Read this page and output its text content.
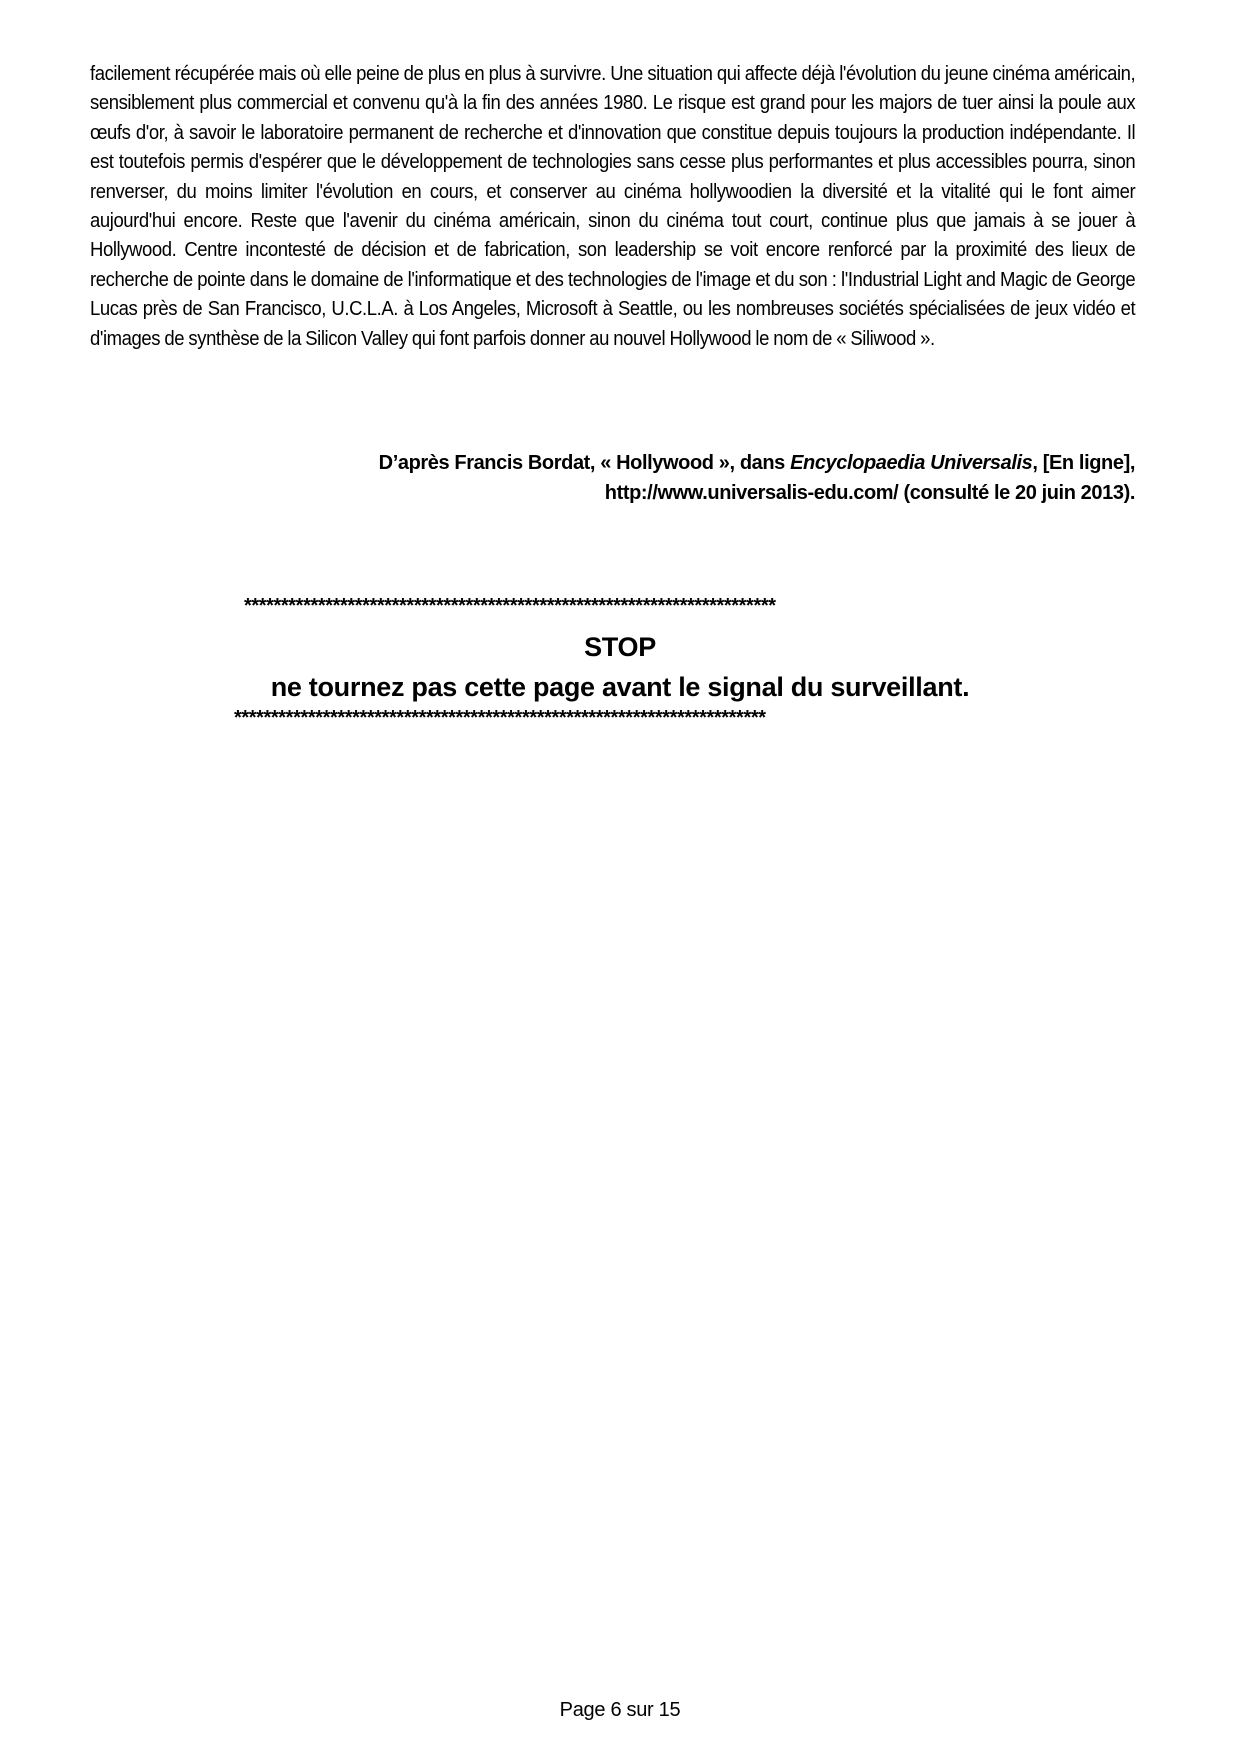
facilement récupérée mais où elle peine de plus en plus à survivre. Une situation qui affecte déjà l'évolution du jeune cinéma américain, sensiblement plus commercial et convenu qu'à la fin des années 1980. Le risque est grand pour les majors de tuer ainsi la poule aux œufs d'or, à savoir le laboratoire permanent de recherche et d'innovation que constitue depuis toujours la production indépendante. Il est toutefois permis d'espérer que le développement de technologies sans cesse plus performantes et plus accessibles pourra, sinon renverser, du moins limiter l'évolution en cours, et conserver au cinéma hollywoodien la diversité et la vitalité qui le font aimer aujourd'hui encore. Reste que l'avenir du cinéma américain, sinon du cinéma tout court, continue plus que jamais à se jouer à Hollywood. Centre incontesté de décision et de fabrication, son leadership se voit encore renforcé par la proximité des lieux de recherche de pointe dans le domaine de l'informatique et des technologies de l'image et du son : l'Industrial Light and Magic de George Lucas près de San Francisco, U.C.L.A. à Los Angeles, Microsoft à Seattle, ou les nombreuses sociétés spécialisées de jeux vidéo et d'images de synthèse de la Silicon Valley qui font parfois donner au nouvel Hollywood le nom de « Siliwood ».

D’après Francis Bordat, « Hollywood », dans Encyclopaedia Universalis, [En ligne],
http://www.universalis-edu.com/ (consulté le 20 juin 2013).
************************************************************************
STOP
ne tournez pas cette page avant le signal du surveillant.
************************************************************************
Page 6 sur 15
